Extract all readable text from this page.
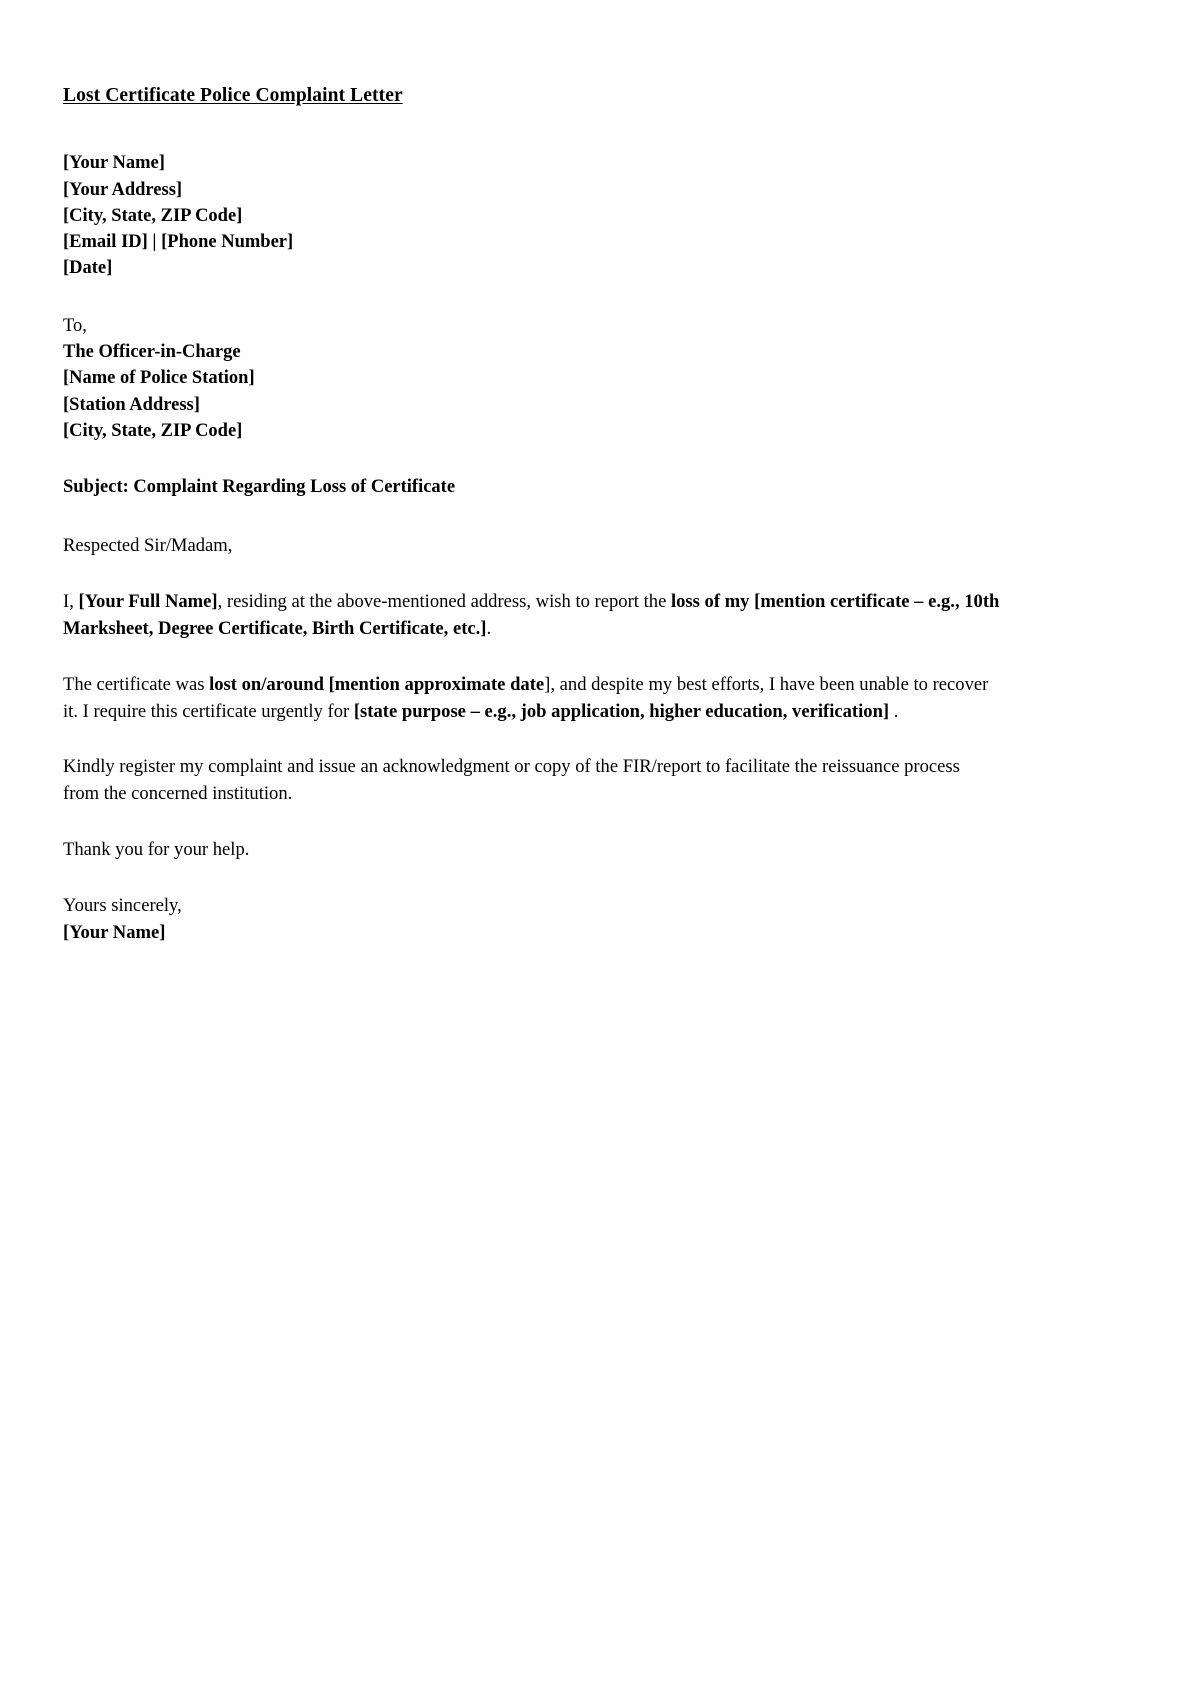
Lost Certificate Police Complaint Letter
[Your Name]
[Your Address]
[City, State, ZIP Code]
[Email ID] | [Phone Number]
[Date]
To,
The Officer-in-Charge
[Name of Police Station]
[Station Address]
[City, State, ZIP Code]
Subject: Complaint Regarding Loss of Certificate
Respected Sir/Madam,

I, [Your Full Name], residing at the above-mentioned address, wish to report the loss of my [mention certificate – e.g., 10th Marksheet, Degree Certificate, Birth Certificate, etc.].

The certificate was lost on/around [mention approximate date], and despite my best efforts, I have been unable to recover it. I require this certificate urgently for [state purpose – e.g., job application, higher education, verification] .

Kindly register my complaint and issue an acknowledgment or copy of the FIR/report to facilitate the reissuance process from the concerned institution.

Thank you for your help.

Yours sincerely,
[Your Name]
